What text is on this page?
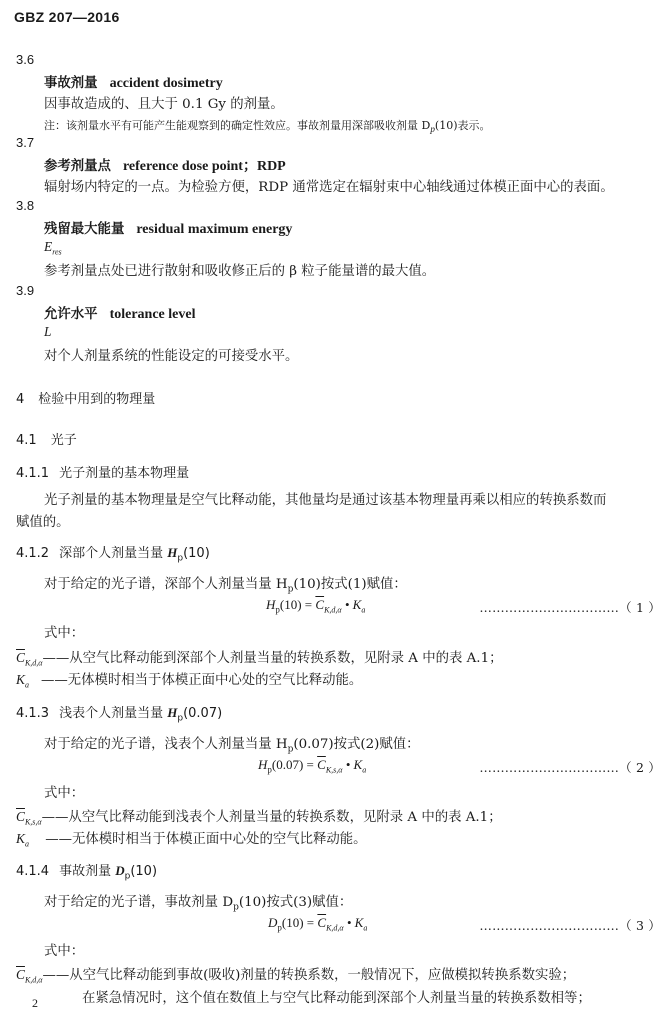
GBZ 207—2016
3.6
事故剂量 accident dosimetry
因事故造成的、且大于 0.1 Gy 的剂量。
注：该剂量水平有可能产生能观察到的确定性效应。事故剂量用深部吸收剂量 $D_p(10)$表示。
3.7
参考剂量点 reference dose point；RDP
辐射场内特定的一点。为检验方便，RDP 通常选定在辐射束中心轴线通过体模正面中心的表面。
3.8
残留最大能量 residual maximum energy
$E_{res}$
参考剂量点处已进行散射和吸收修正后的 β 粒子能量谱的最大值。
3.9
允许水平 tolerance level
L
对个人剂量系统的性能设定的可接受水平。
4 检验中用到的物理量
4.1 光子
4.1.1 光子剂量的基本物理量
光子剂量的基本物理量是空气比释动能，其他量均是通过该基本物理量再乘以相应的转换系数而
赋值的。
4.1.2 深部个人剂量当量 $H_p(10)$
对于给定的光子谱，深部个人剂量当量 $H_p(10)$按式(1)赋值：
$H_p(10) = \overline{C}_{K,d,\alpha}$ • $K_a$	……………………………（ 1 ）
式中：
$\overline{C}_{K,d,\alpha}——$从空气比释动能到深部个人剂量当量的转换系数，见附录 A 中的表 A.1；
$K_a$ ——无体模时相当于体模正面中心处的空气比释动能。
4.1.3 浅表个人剂量当量 $H_p(0.07)$
对于给定的光子谱，浅表个人剂量当量 $H_p(0.07)$按式(2)赋值：
$H_p(0.07) = \overline{C}_{K,s,\alpha}$ • $K_a$	……………………………（ 2 ）
式中：
$\overline{C}_{K,s,\alpha}——$从空气比释动能到浅表个人剂量当量的转换系数，见附录 A 中的表 A.1；
$K_a$ ——无体模时相当于体模正面中心处的空气比释动能。
4.1.4 事故剂量 $D_p(10)$
对于给定的光子谱，事故剂量 $D_p(10)$按式(3)赋值：
$D_p(10) = \overline{C}_{K,d,\alpha}$ • $K_a$	……………………………（ 3 ）
式中：
$\overline{C}_{K,d,\alpha}——$从空气比释动能到事故(吸收)剂量的转换系数，一般情况下，应做模拟转换系数实验；
在紧急情况时，这个值在数值上与空气比释动能到深部个人剂量当量的转换系数相等；
2
